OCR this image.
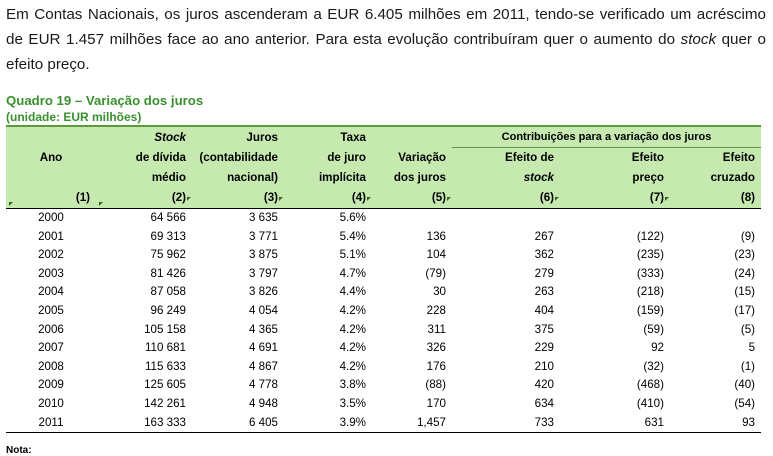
Em Contas Nacionais, os juros ascenderam a EUR 6.405 milhões em 2011, tendo-se verificado um acréscimo de EUR 1.457 milhões face ao ano anterior. Para esta evolução contribuíram quer o aumento do stock quer o efeito preço.

Quadro 19 – Variação dos juros
(unidade: EUR milhões)
	Stock	Juros	Taxa		Contribuições para a variação dos juros		
Ano	de dívida	(contabilidade	de juro	Variação	Efeito de	Efeito	Efeito
	médio	nacional)	implícita	dos juros	stock	preço	cruzado

(1)	(2)	(3)	(4)	(5)	(6)	(7)	(8)
2000	64 566	3 635	5.6%				
2001	69 313	3 771	5.4%	136	267	(122)	(9)
2002	75 962	3 875	5.1%	104	362	(235)	(23)
2003	81 426	3 797	4.7%	(79)	279	(333)	(24)
2004	87 058	3 826	4.4%	30	263	(218)	(15)
2005	96 249	4 054	4.2%	228	404	(159)	(17)
2006	105 158	4 365	4.2%	311	375	(59)	(5)
2007	110 681	4 691	4.2%	326	229	92	5
2008	115 633	4 867	4.2%	176	210	(32)	(1)
2009	125 605	4 778	3.8%	(88)	420	(468)	(40)
2010	142 261	4 948	3.5%	170	634	(410)	(54)
2011	163 333	6 405	3.9%	1,457	733	631	93
Nota:
